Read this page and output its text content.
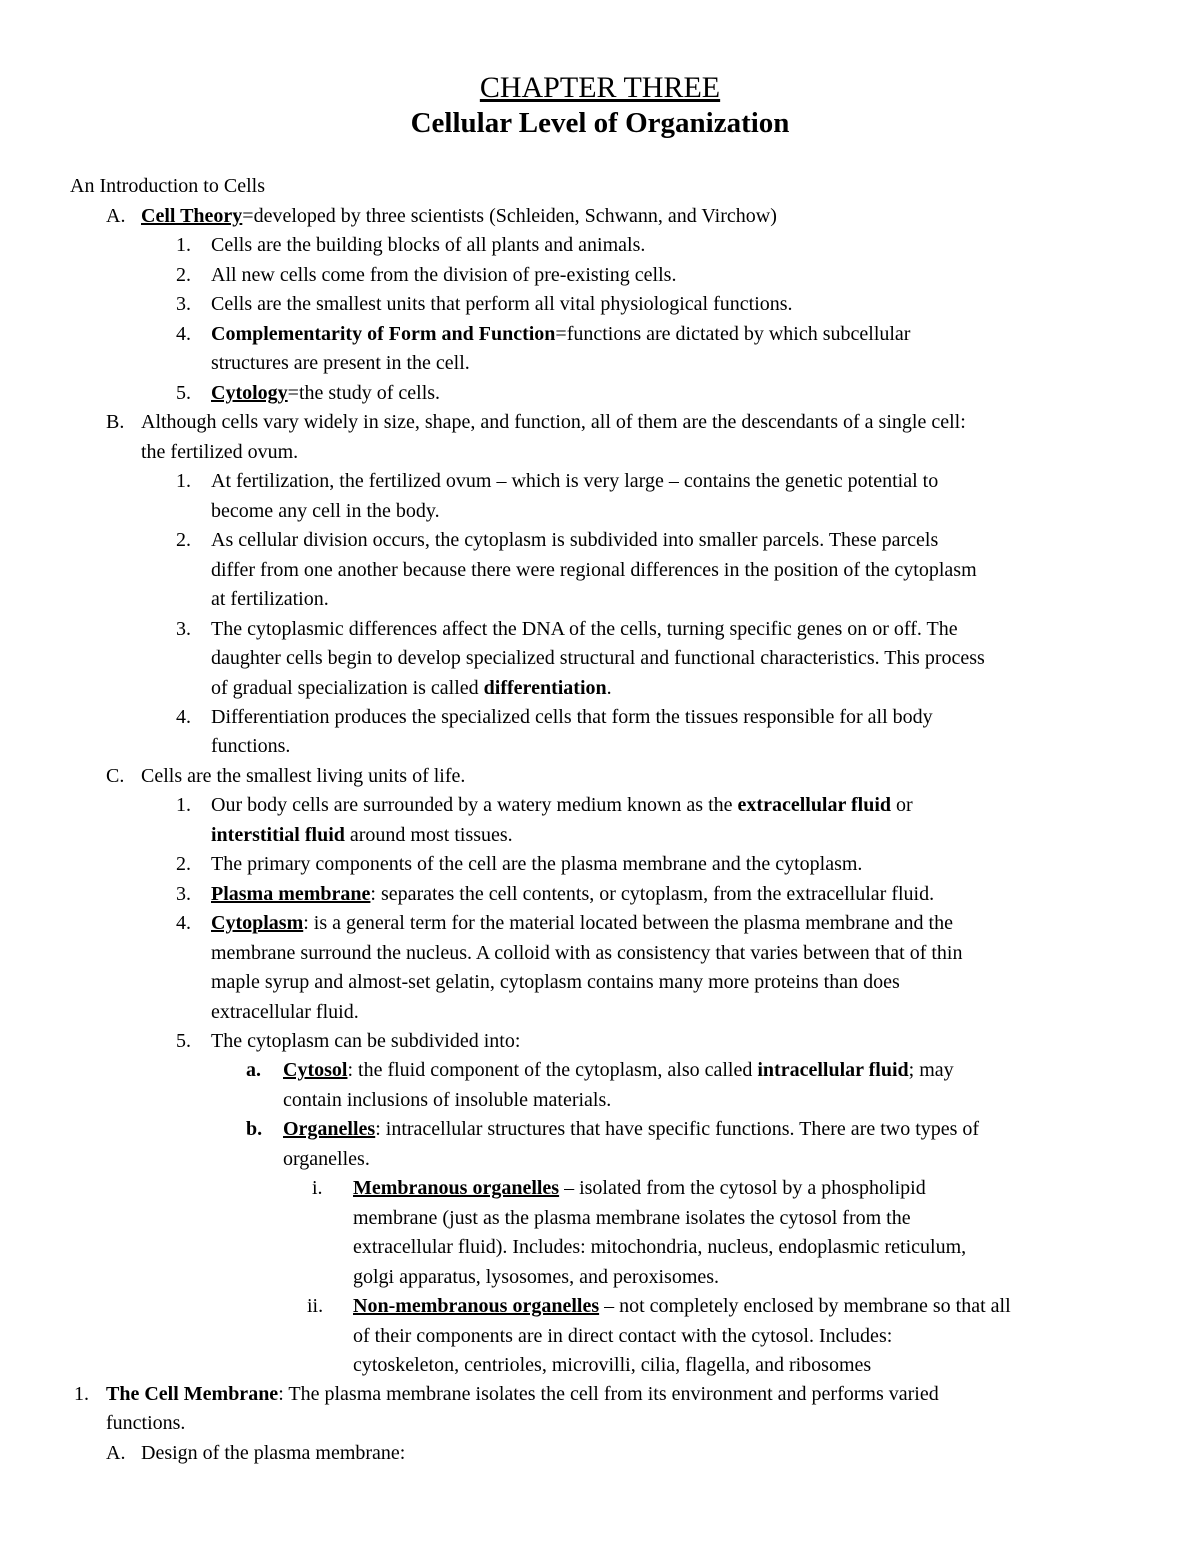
CHAPTER THREE
Cellular Level of Organization
An Introduction to Cells
A. Cell Theory=developed by three scientists (Schleiden, Schwann, and Virchow)
1. Cells are the building blocks of all plants and animals.
2. All new cells come from the division of pre-existing cells.
3. Cells are the smallest units that perform all vital physiological functions.
4. Complementarity of Form and Function=functions are dictated by which subcellular
structures are present in the cell.
5. Cytology=the study of cells.
B. Although cells vary widely in size, shape, and function, all of them are the descendants of a single cell:
the fertilized ovum.
1. At fertilization, the fertilized ovum – which is very large – contains the genetic potential to
become any cell in the body.
2. As cellular division occurs, the cytoplasm is subdivided into smaller parcels. These parcels
differ from one another because there were regional differences in the position of the cytoplasm
at fertilization.
3. The cytoplasmic differences affect the DNA of the cells, turning specific genes on or off. The
daughter cells begin to develop specialized structural and functional characteristics. This process
of gradual specialization is called differentiation.
4. Differentiation produces the specialized cells that form the tissues responsible for all body
functions.
C. Cells are the smallest living units of life.
1. Our body cells are surrounded by a watery medium known as the extracellular fluid or
interstitial fluid around most tissues.
2. The primary components of the cell are the plasma membrane and the cytoplasm.
3. Plasma membrane: separates the cell contents, or cytoplasm, from the extracellular fluid.
4. Cytoplasm: is a general term for the material located between the plasma membrane and the
membrane surround the nucleus. A colloid with as consistency that varies between that of thin
maple syrup and almost-set gelatin, cytoplasm contains many more proteins than does
extracellular fluid.
5. The cytoplasm can be subdivided into:
a. Cytosol: the fluid component of the cytoplasm, also called intracellular fluid; may
contain inclusions of insoluble materials.
b. Organelles: intracellular structures that have specific functions. There are two types of
organelles.
i. Membranous organelles – isolated from the cytosol by a phospholipid
membrane (just as the plasma membrane isolates the cytosol from the
extracellular fluid). Includes: mitochondria, nucleus, endoplasmic reticulum,
golgi apparatus, lysosomes, and peroxisomes.
ii. Non-membranous organelles – not completely enclosed by membrane so that all
of their components are in direct contact with the cytosol. Includes:
cytoskeleton, centrioles, microvilli, cilia, flagella, and ribosomes
1. The Cell Membrane: The plasma membrane isolates the cell from its environment and performs varied
functions.
A. Design of the plasma membrane:
